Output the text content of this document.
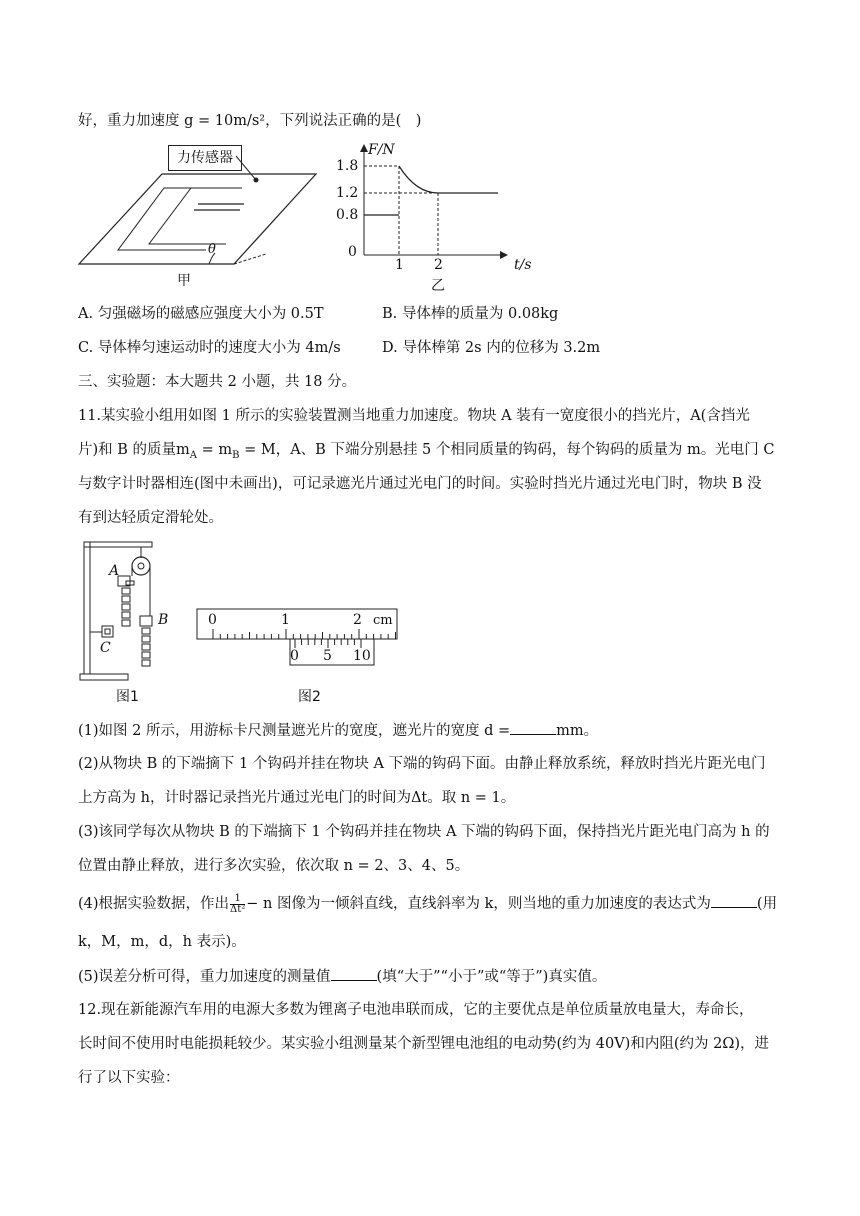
好，重力加速度 g = 10m/s²，下列说法正确的是(　)
力传感器
θ
甲
F/N
1.8
1.2
0.8
0
1 2	t/s
乙
A. 匀强磁场的磁感应强度大小为 0.5T	B. 导体棒的质量为 0.08kg
C. 导体棒匀速运动时的速度大小为 4m/s	D. 导体棒第 2s 内的位移为 3.2m
三、实验题：本大题共 2 小题，共 18 分。
11.某实验小组用如图 1 所示的实验装置测当地重力加速度。物块 A 装有一宽度很小的挡光片，A(含挡光
片)和 B 的质量$m_A = m_B = M$，A、B 下端分别悬挂 5 个相同质量的钩码，每个钩码的质量为 m。光电门 C
与数字计时器相连(图中未画出)，可记录遮光片通过光电门的时间。实验时挡光片通过光电门时，物块 B 没
有到达轻质定滑轮处。
A
B
C
图1
0	1	2 cm
0 5 10
图2
(1)如图 2 所示，用游标卡尺测量遮光片的宽度，遮光片的宽度 d =	mm。
(2)从物块 B 的下端摘下 1 个钩码并挂在物块 A 下端的钩码下面。由静止释放系统，释放时挡光片距光电门
上方高为 h，计时器记录挡光片通过光电门的时间为Δt。取 n = 1。
(3)该同学每次从物块 B 的下端摘下 1 个钩码并挂在物块 A 下端的钩码下面，保持挡光片距光电门高为 h 的
位置由静止释放，进行多次实验，依次取 n = 2、3、4、5。
(4)根据实验数据，作出 $\frac{1}{\text{Δt²}} - n$ 图像为一倾斜直线，直线斜率为 k，则当地的重力加速度的表达式为	(用
k，M，m，d，h 表示)。
(5)误差分析可得，重力加速度的测量值	(填“大于”“小于”或“等于”)真实值。
12.现在新能源汽车用的电源大多数为锂离子电池串联而成，它的主要优点是单位质量放电量大，寿命长，
长时间不使用时电能损耗较少。某实验小组测量某个新型锂电池组的电动势(约为 40V)和内阻(约为 2Ω)，进
行了以下实验：
